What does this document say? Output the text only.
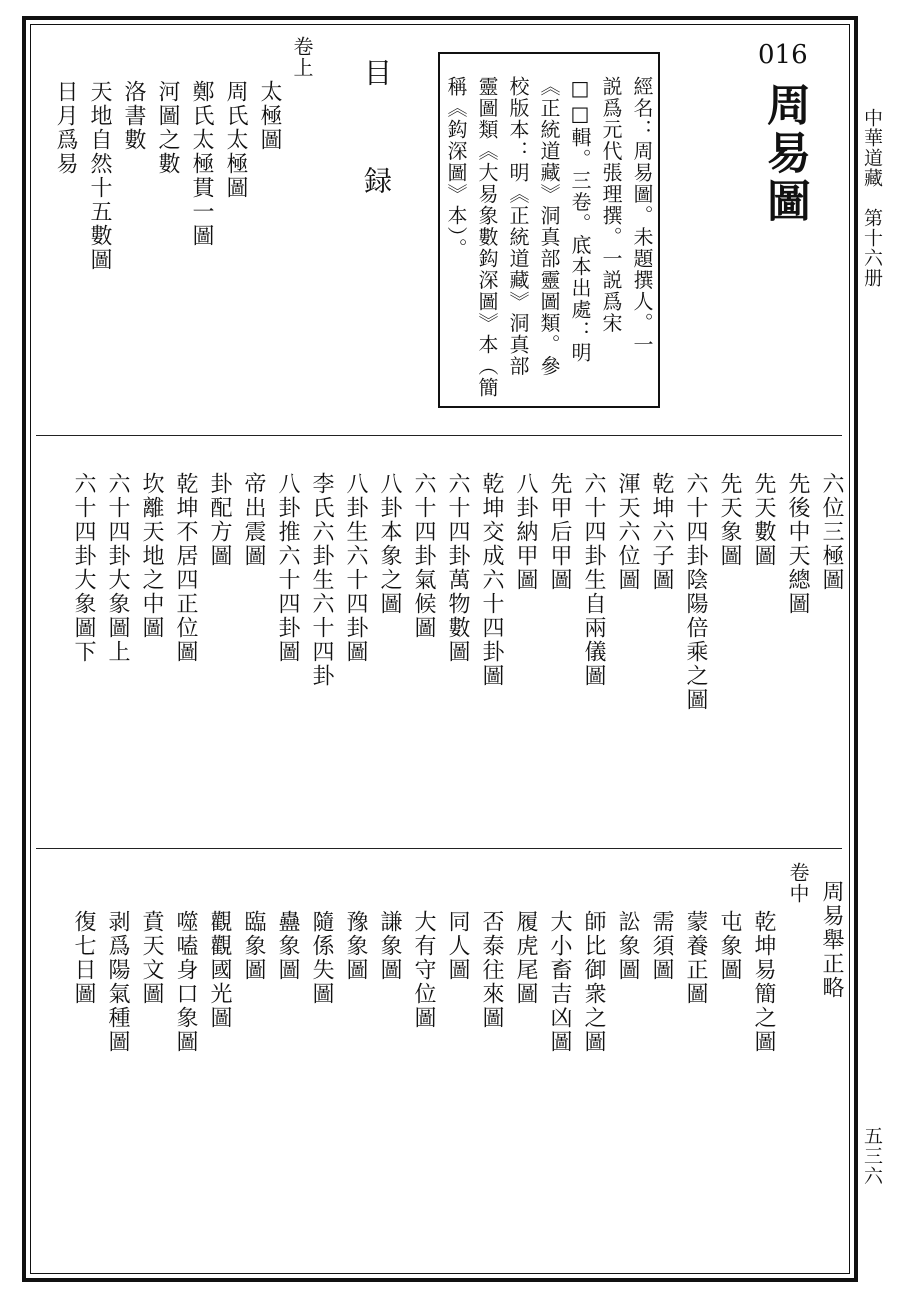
中華道藏　第十六册
五三六
016
周易圖
經名：周易圖。未題撰人。一
説爲元代張理撰。一説爲宋
□□輯。三卷。底本出處：明
《正統道藏》洞真部靈圖類。參
校版本：明《正統道藏》洞真部
靈圖類《大易象數鈎深圖》本（簡
稱《鈎深圖》本）。
目　録
卷上
太極圖
周氏太極圖
鄭氏太極貫一圖
河圖之數
洛書數
天地自然十五數圖
日月爲易
六位三極圖
先後中天總圖
先天數圖
先天象圖
六十四卦陰陽倍乘之圖
乾坤六子圖
渾天六位圖
六十四卦生自兩儀圖
先甲后甲圖
八卦納甲圖
乾坤交成六十四卦圖
六十四卦萬物數圖
六十四卦氣候圖
八卦本象之圖
八卦生六十四卦圖
李氏六卦生六十四卦
八卦推六十四卦圖
帝出震圖
卦配方圖
乾坤不居四正位圖
坎離天地之中圖
六十四卦大象圖上
六十四卦大象圖下
周易舉正略
卷中
乾坤易簡之圖
屯象圖
蒙養正圖
需須圖
訟象圖
師比御衆之圖
大小畜吉凶圖
履虎尾圖
否泰往來圖
同人圖
大有守位圖
謙象圖
豫象圖
隨係失圖
蠱象圖
臨象圖
觀觀國光圖
噬嗑身口象圖
賁天文圖
剥爲陽氣種圖
復七日圖
